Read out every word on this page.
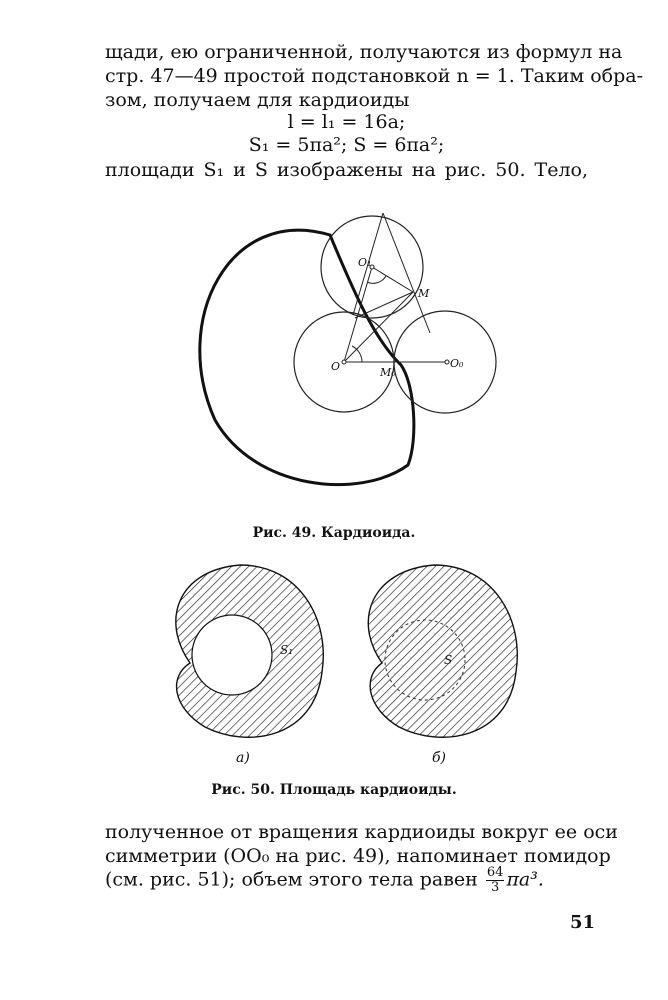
щади, ею ограниченной, получаются из формул на
стр. 47—49 простой подстановкой n = 1. Таким обра-
зом, получаем для кардиоиды
l = l₁ = 16a;
S₁ = 5πa²; S = 6πa²;
площади S₁ и S изображены на рис. 50. Тело,
O
O₁
M
M₀
O₀
S₁
а)
S
б)
Рис. 49. Кардиоида.
Рис. 50. Площадь кардиоиды.
полученное от вращения кардиоиды вокруг ее оси
симметрии (OO₀ на рис. 49), напоминает помидор
(см. рис. 51); объем этого тела равен $\frac{64}{3} \pi a^3$.
51
